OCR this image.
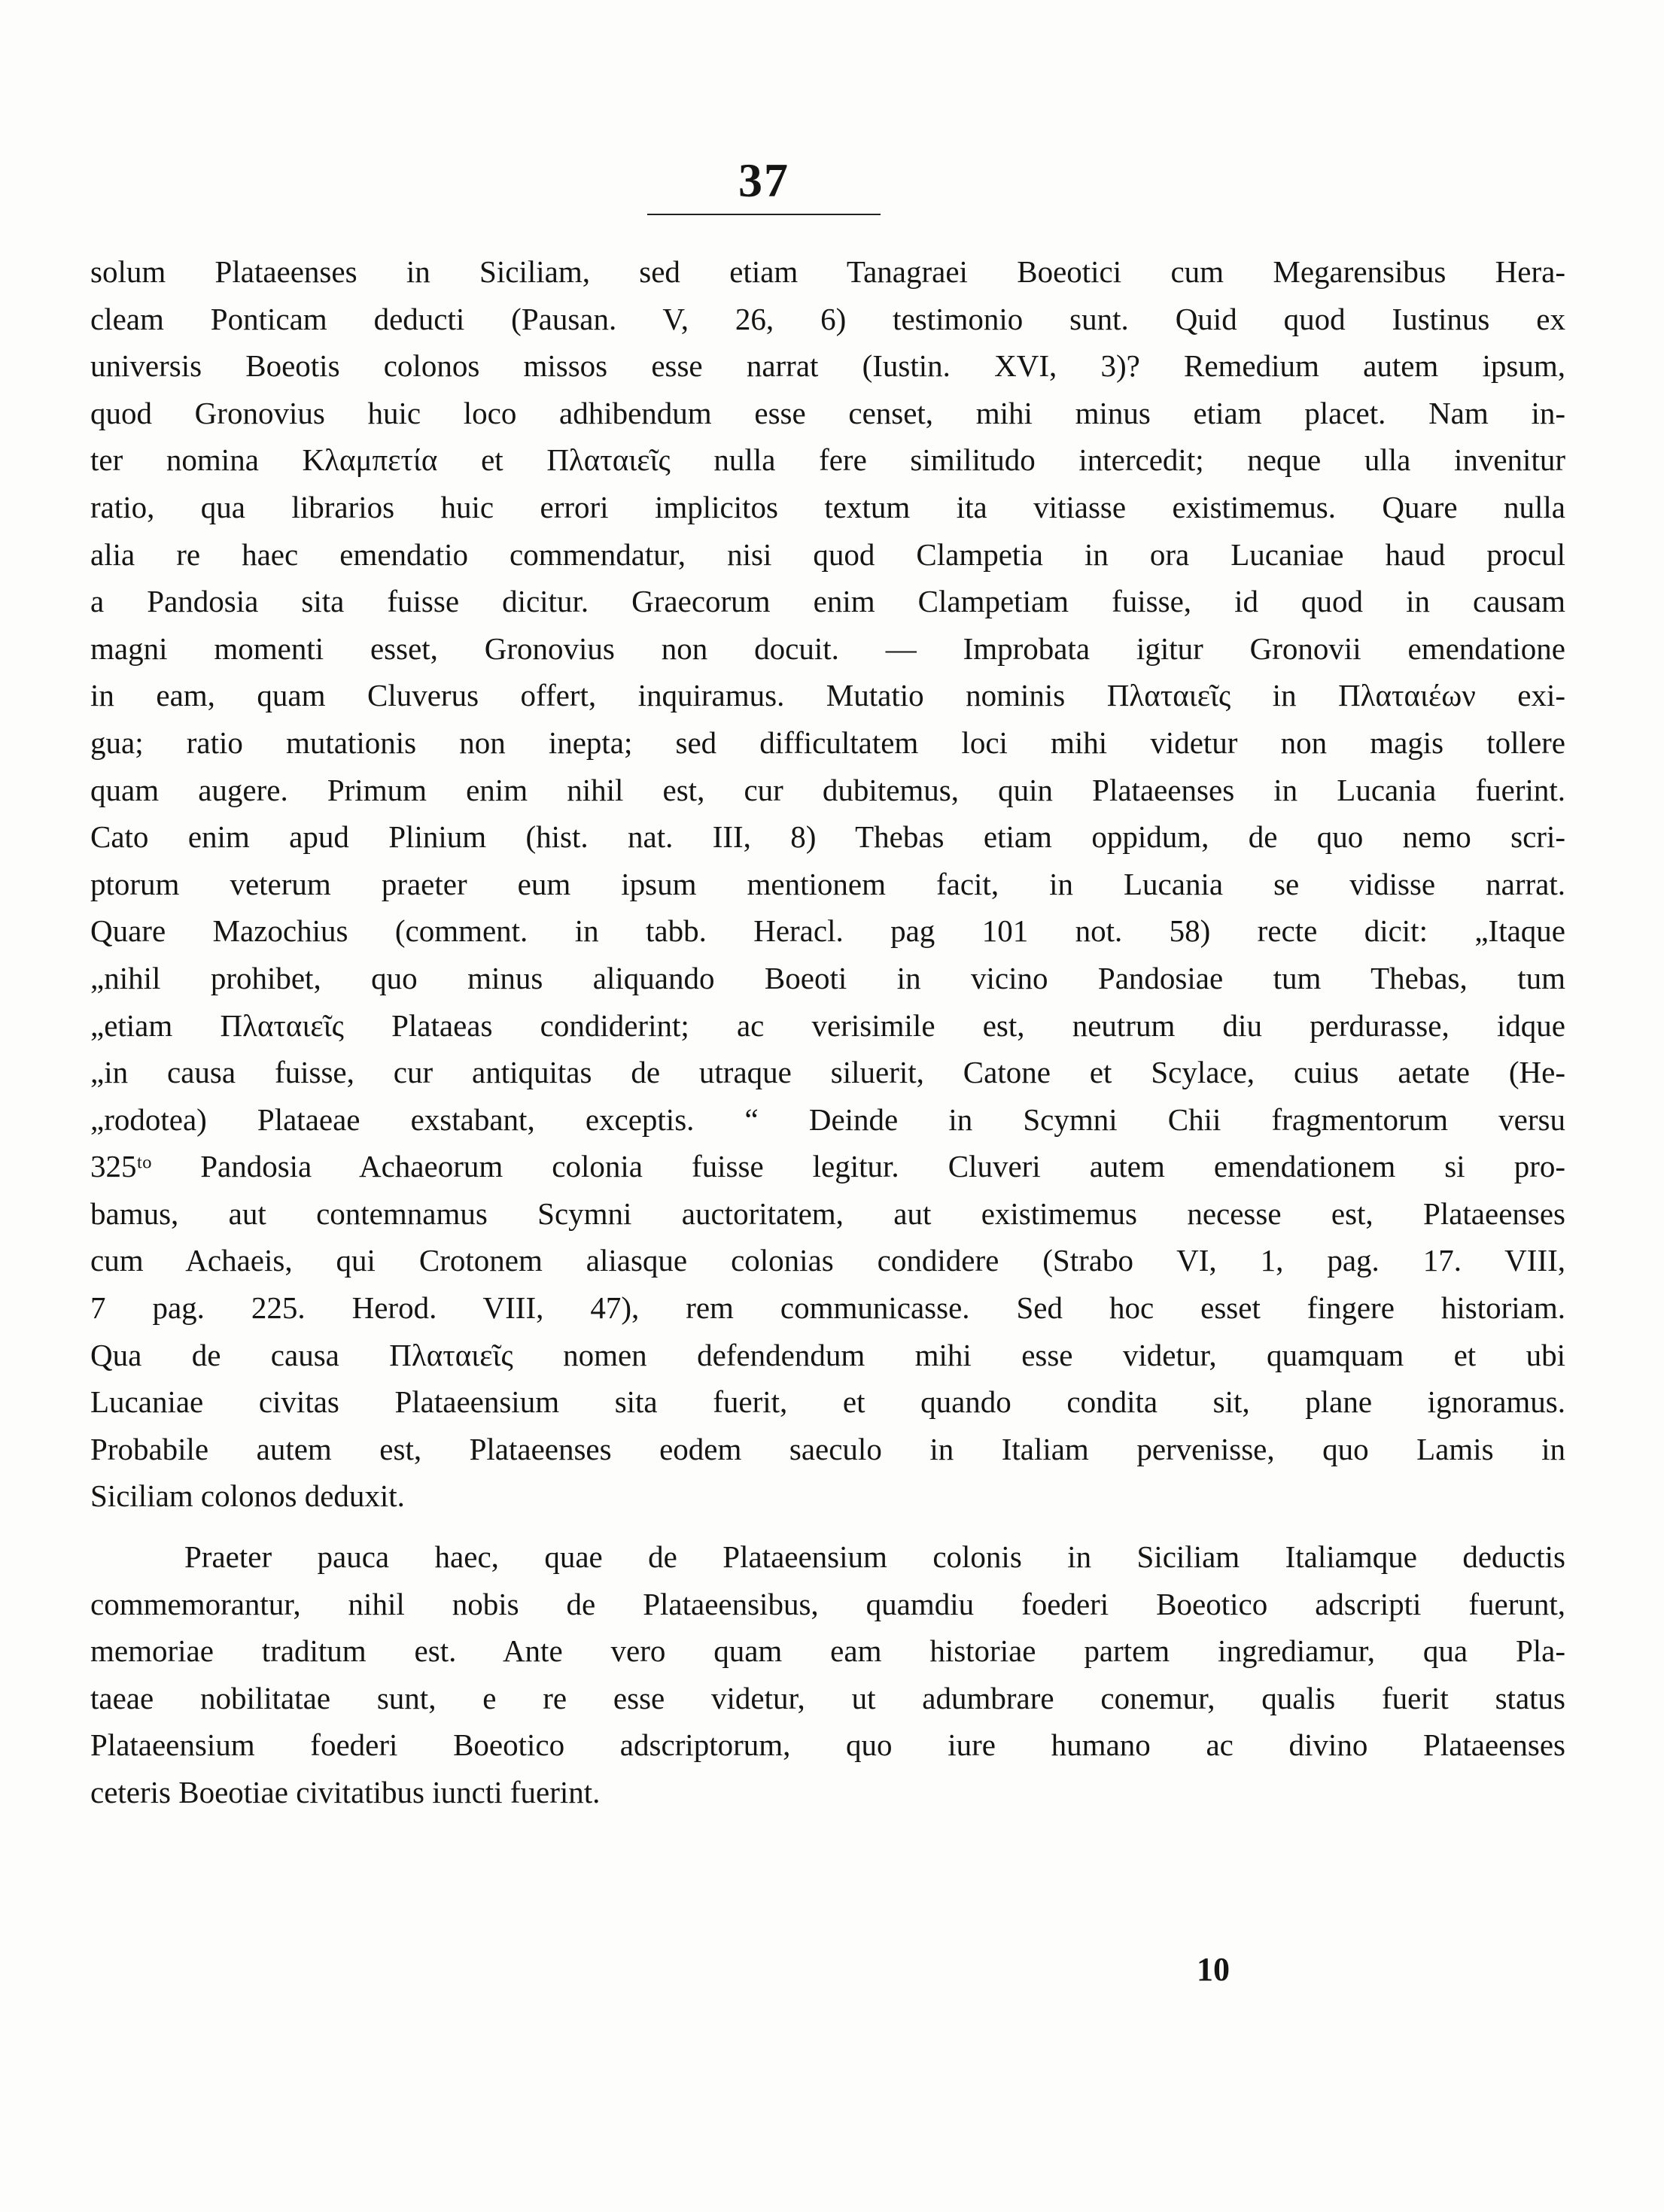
37
solum Plataeenses in Siciliam, sed etiam Tanagraei Boeotici cum Megarensibus Hera-
cleam Ponticam deducti (Pausan. V, 26, 6) testimonio sunt. Quid quod Iustinus ex
universis Boeotis colonos missos esse narrat (Iustin. XVI, 3)? Remedium autem ipsum,
quod Gronovius huic loco adhibendum esse censet, mihi minus etiam placet. Nam in-
ter nomina Κλαμπετία et Πλαταιεῖς nulla fere similitudo intercedit; neque ulla invenitur
ratio, qua librarios huic errori implicitos textum ita vitiasse existimemus. Quare nulla
alia re haec emendatio commendatur, nisi quod Clampetia in ora Lucaniae haud procul
a Pandosia sita fuisse dicitur. Graecorum enim Clampetiam fuisse, id quod in causam
magni momenti esset, Gronovius non docuit. — Improbata igitur Gronovii emendatione
in eam, quam Cluverus offert, inquiramus. Mutatio nominis Πλαταιεῖς in Πλαταιέων exi-
gua; ratio mutationis non inepta; sed difficultatem loci mihi videtur non magis tollere
quam augere. Primum enim nihil est, cur dubitemus, quin Plataeenses in Lucania fuerint.
Cato enim apud Plinium (hist. nat. III, 8) Thebas etiam oppidum, de quo nemo scri-
ptorum veterum praeter eum ipsum mentionem facit, in Lucania se vidisse narrat.
Quare Mazochius (comment. in tabb. Heracl. pag 101 not. 58) recte dicit: „Itaque
„nihil prohibet, quo minus aliquando Boeoti in vicino Pandosiae tum Thebas, tum
„etiam Πλαταιεῖς Plataeas condiderint; ac verisimile est, neutrum diu perdurasse, idque
„in causa fuisse, cur antiquitas de utraque siluerit, Catone et Scylace, cuius aetate (He-
„rodotea) Plataeae exstabant, exceptis. “ Deinde in Scymni Chii fragmentorum versu
325ᵗᵒ Pandosia Achaeorum colonia fuisse legitur. Cluveri autem emendationem si pro-
bamus, aut contemnamus Scymni auctoritatem, aut existimemus necesse est, Plataeenses
cum Achaeis, qui Crotonem aliasque colonias condidere (Strabo VI, 1, pag. 17. VIII,
7 pag. 225. Herod. VIII, 47), rem communicasse. Sed hoc esset fingere historiam.
Qua de causa Πλαταιεῖς nomen defendendum mihi esse videtur, quamquam et ubi
Lucaniae civitas Plataeensium sita fuerit, et quando condita sit, plane ignoramus.
Probabile autem est, Plataeenses eodem saeculo in Italiam pervenisse, quo Lamis in
Siciliam colonos deduxit.
Praeter pauca haec, quae de Plataeensium colonis in Siciliam Italiamque deductis
commemorantur, nihil nobis de Plataeensibus, quamdiu foederi Boeotico adscripti fuerunt,
memoriae traditum est. Ante vero quam eam historiae partem ingrediamur, qua Pla-
taeae nobilitatae sunt, e re esse videtur, ut adumbrare conemur, qualis fuerit status
Plataeensium foederi Boeotico adscriptorum, quo iure humano ac divino Plataeenses
ceteris Boeotiae civitatibus iuncti fuerint.
10
